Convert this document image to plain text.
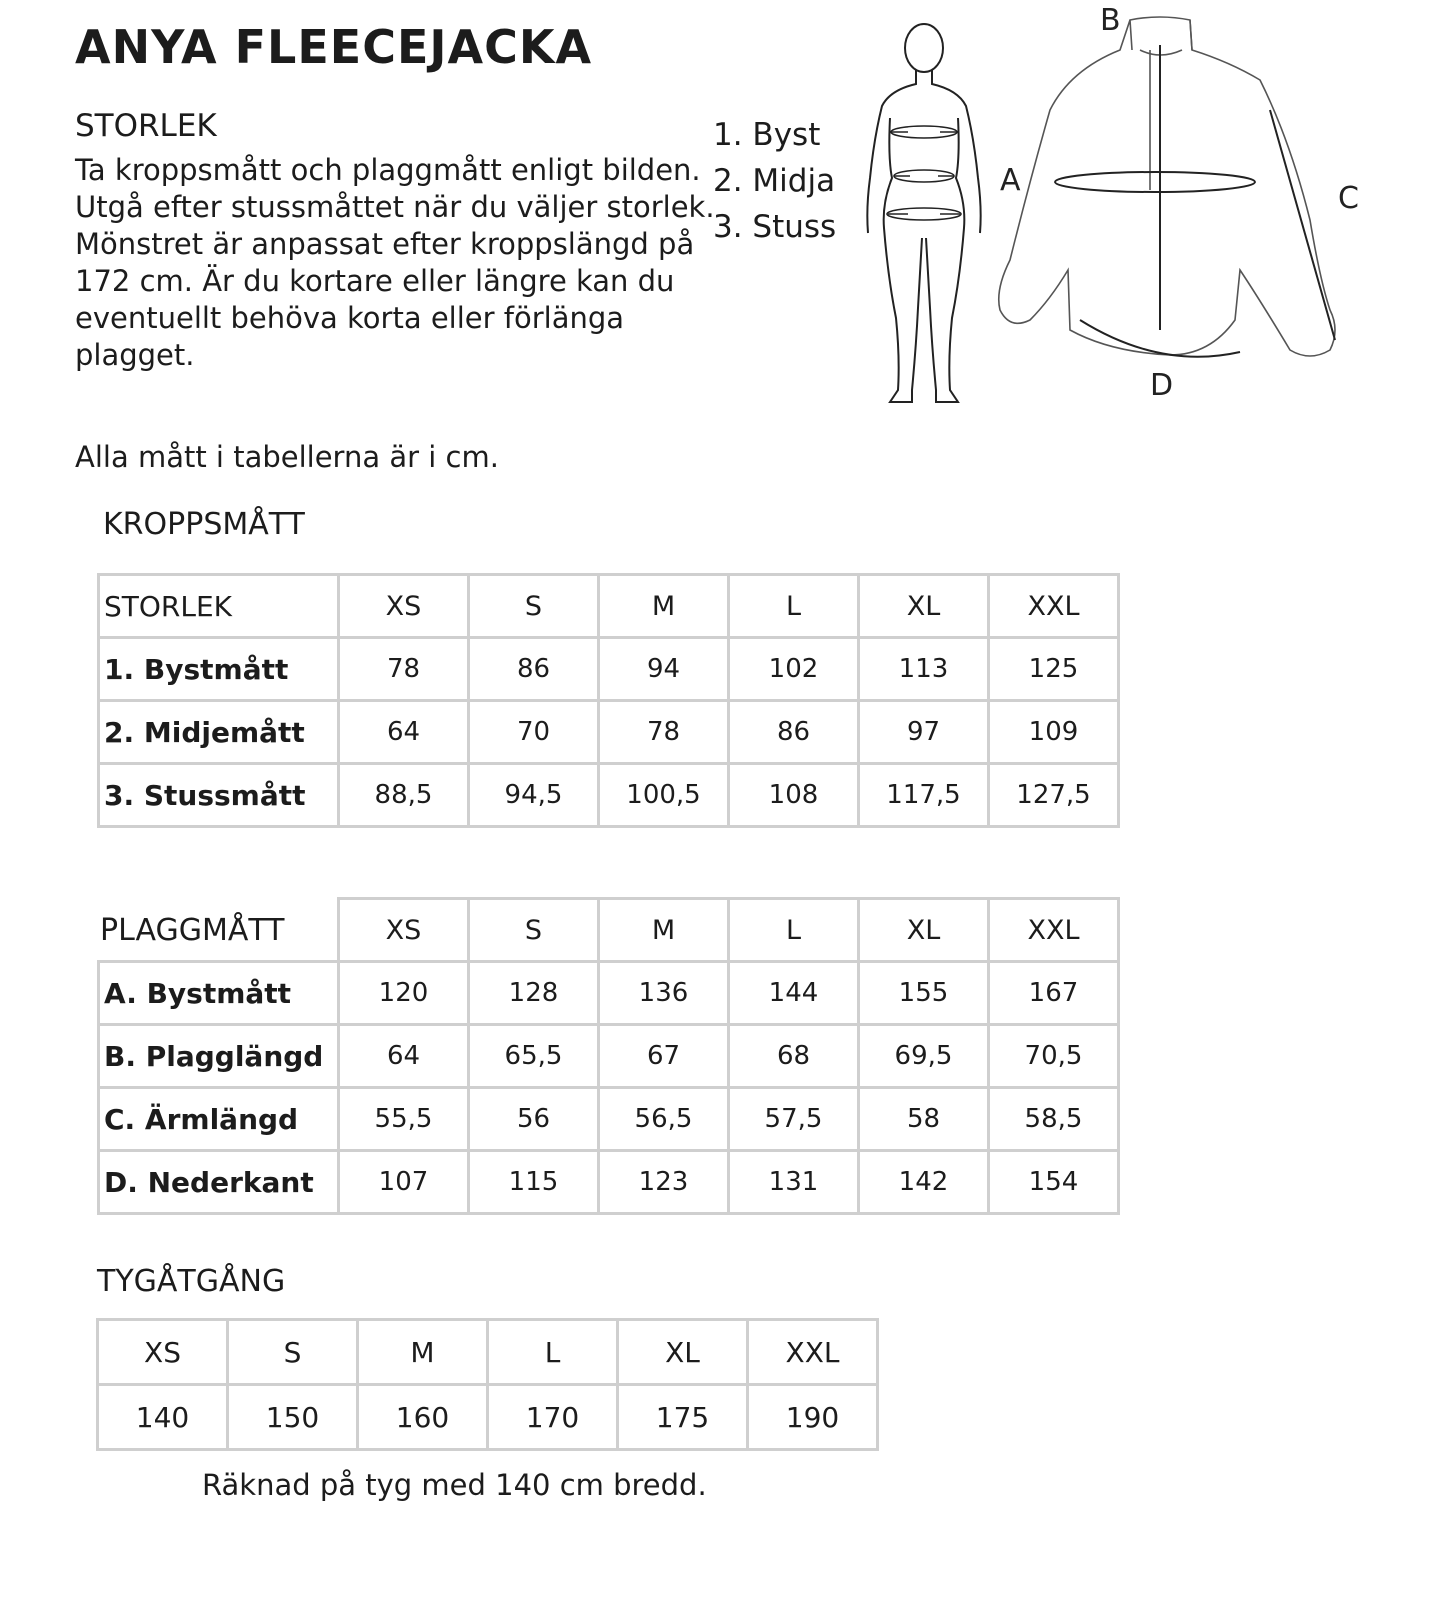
ANYA FLEECEJACKA
STORLEK

Ta kroppsmått och plaggmått enligt bilden. Utgå efter stussmåttet när du väljer storlek.

Mönstret är anpassat efter kroppslängd på 172 cm. Är du kortare eller längre kan du eventuellt behöva korta eller förlänga plagget.

Alla mått i tabellerna är i cm.

1. Byst
2. Midja
3. Stuss
B
A
C
D
KROPPSMÅTT
STORLEK	XS	S	M	L	XL	XXL
1. Bystmått	78	86	94	102	113	125
2. Midjemått	64	70	78	86	97	109
3. Stussmått	88,5	94,5	100,5	108	117,5	127,5
PLAGGMÅTT	XS	S	M	L	XL	XXL
A. Bystmått	120	128	136	144	155	167
B. Plagglängd	64	65,5	67	68	69,5	70,5
C. Ärmlängd	55,5	56	56,5	57,5	58	58,5
D. Nederkant	107	115	123	131	142	154
TYGÅTGÅNG
XS	S	M	L	XL	XXL
140	150	160	170	175	190

Räknad på tyg med 140 cm bredd.
